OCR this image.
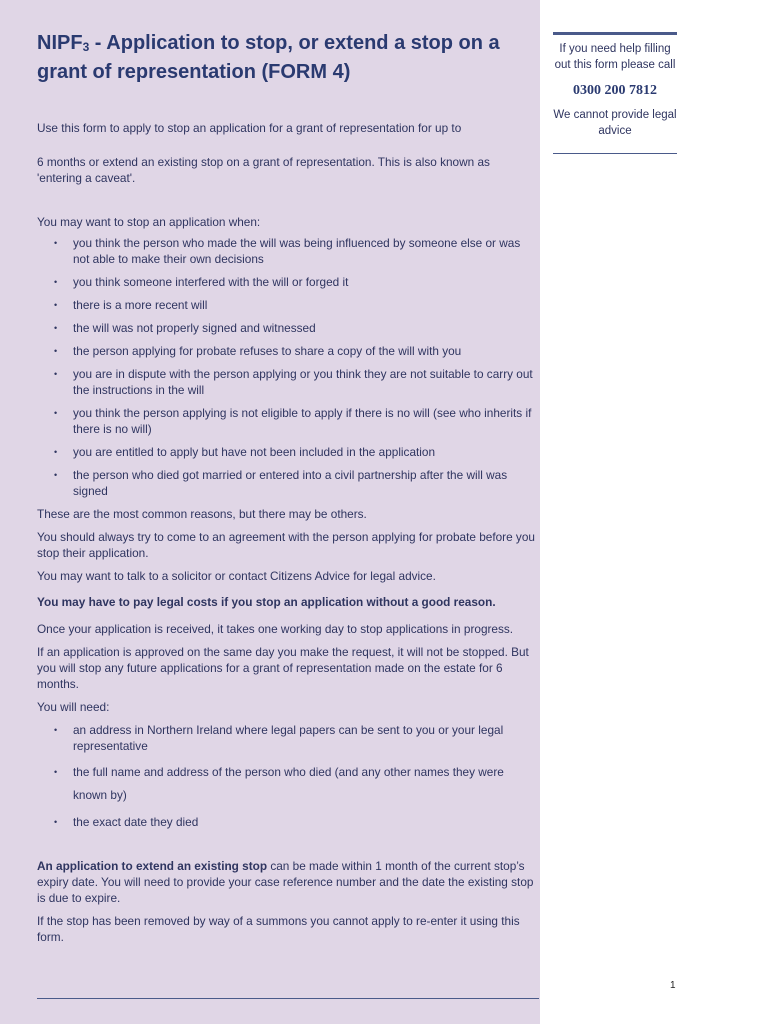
$NIPF_3$ - Application to stop, or extend a stop on a grant of representation (FORM 4)

Use this form to apply to stop an application for a grant of representation for up to

6 months or extend an existing stop on a grant of representation. This is also known as 'entering a caveat'.

You may want to stop an application when:

• you think the person who made the will was being influenced by someone else or was not able to make their own decisions
• you think someone interfered with the will or forged it
• there is a more recent will
• the will was not properly signed and witnessed
• the person applying for probate refuses to share a copy of the will with you
• you are in dispute with the person applying or you think they are not suitable to carry out the instructions in the will
• you think the person applying is not eligible to apply if there is no will (see who inherits if there is no will)
• you are entitled to apply but have not been included in the application
• the person who died got married or entered into a civil partnership after the will was signed

These are the most common reasons, but there may be others.

You should always try to come to an agreement with the person applying for probate before you stop their application.

You may want to talk to a solicitor or contact Citizens Advice for legal advice.

You may have to pay legal costs if you stop an application without a good reason.

Once your application is received, it takes one working day to stop applications in progress.

If an application is approved on the same day you make the request, it will not be stopped. But you will stop any future applications for a grant of representation made on the estate for 6 months.

You will need:

• an address in Northern Ireland where legal papers can be sent to you or your legal representative
• the full name and address of the person who died (and any other names they were known by)
• the exact date they died

An application to extend an existing stop can be made within 1 month of the current stop’s expiry date. You will need to provide your case reference number and the date the existing stop is due to expire.

If the stop has been removed by way of a summons you cannot apply to re-enter it using this form.

If you need help filling out this form please call

0300 200 7812

We cannot provide legal advice

1
